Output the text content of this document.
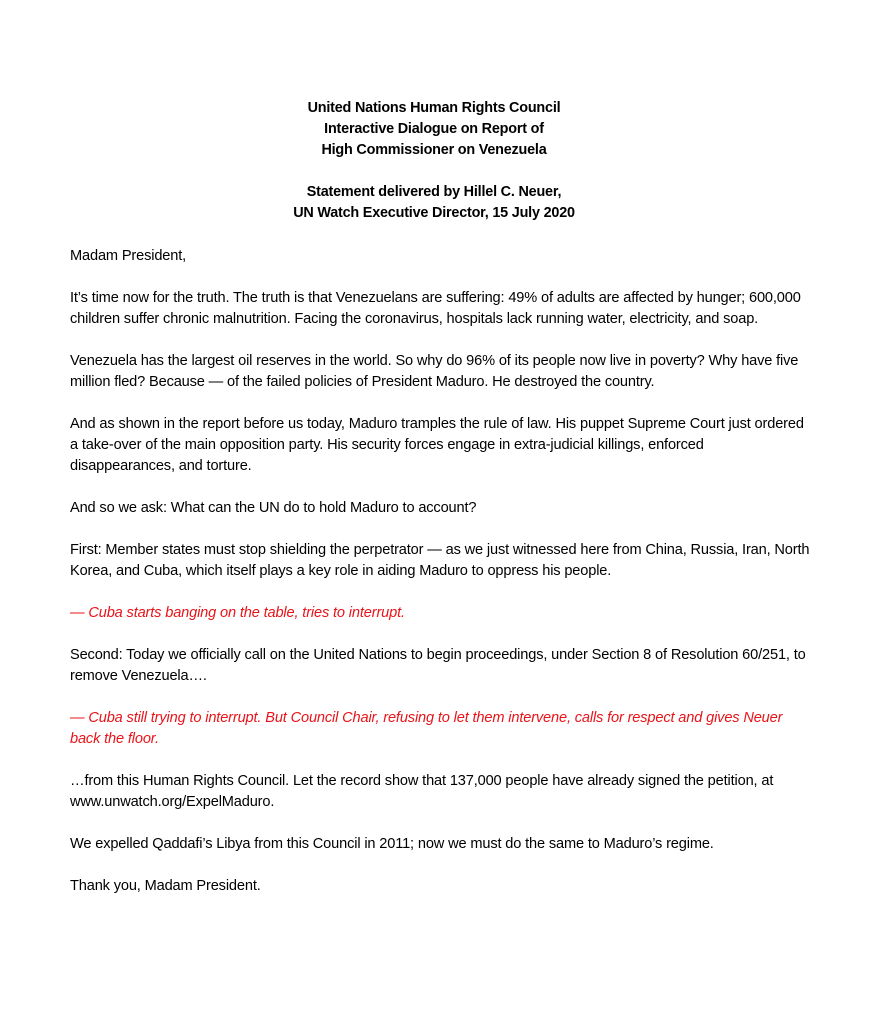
United Nations Human Rights Council
Interactive Dialogue on Report of
High Commissioner on Venezuela
Statement delivered by Hillel C. Neuer,
UN Watch Executive Director, 15 July 2020

Madam President,

It’s time now for the truth. The truth is that Venezuelans are suffering: 49% of adults are affected by hunger; 600,000 children suffer chronic malnutrition. Facing the coronavirus, hospitals lack running water, electricity, and soap.

Venezuela has the largest oil reserves in the world. So why do 96% of its people now live in poverty? Why have five million fled? Because — of the failed policies of President Maduro. He destroyed the country.

And as shown in the report before us today, Maduro tramples the rule of law. His puppet Supreme Court just ordered a take-over of the main opposition party. His security forces engage in extra-judicial killings, enforced disappearances, and torture.

And so we ask: What can the UN do to hold Maduro to account?

First: Member states must stop shielding the perpetrator — as we just witnessed here from China, Russia, Iran, North Korea, and Cuba, which itself plays a key role in aiding Maduro to oppress his people.

— Cuba starts banging on the table, tries to interrupt.

Second: Today we officially call on the United Nations to begin proceedings, under Section 8 of Resolution 60/251, to remove Venezuela….

— Cuba still trying to interrupt. But Council Chair, refusing to let them intervene, calls for respect and gives Neuer back the floor.

…from this Human Rights Council. Let the record show that 137,000 people have already signed the petition, at www.unwatch.org/ExpelMaduro.

We expelled Qaddafi’s Libya from this Council in 2011; now we must do the same to Maduro’s regime.

Thank you, Madam President.
